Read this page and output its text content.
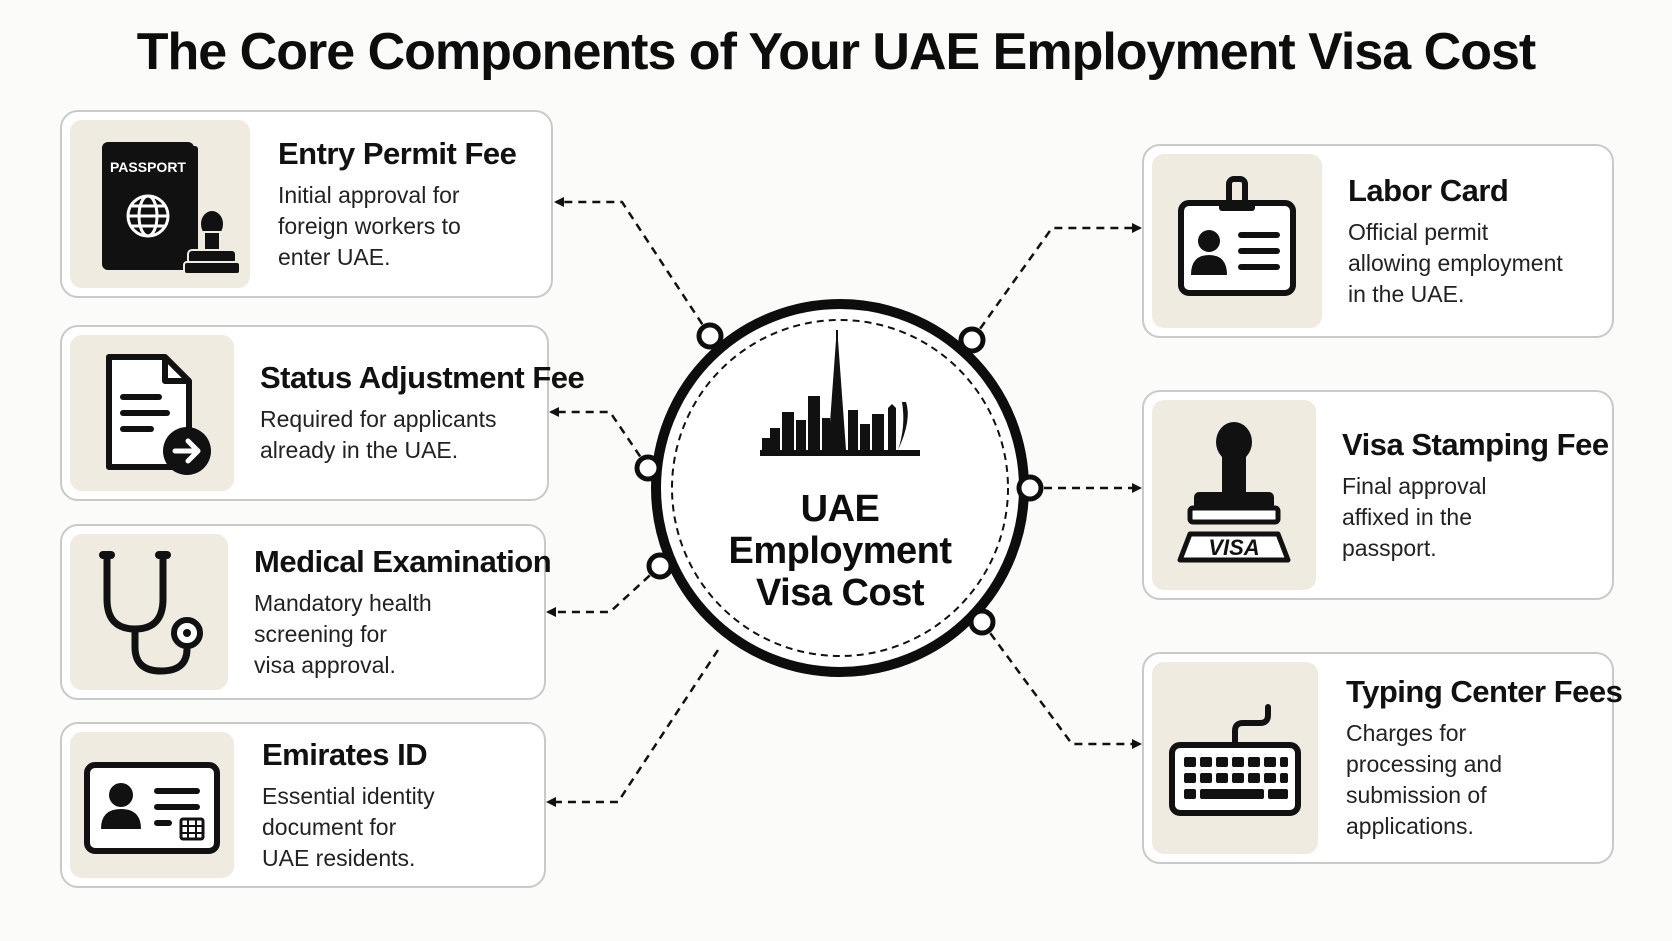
The Core Components of Your UAE Employment Visa Cost
UAE Employment Visa Cost
PASSPORT	Entry Permit Fee
Initial approval for
foreign workers to
enter UAE.
Status Adjustment Fee
Required for applicants
already in the UAE.
Medical Examination
Mandatory health
screening for
visa approval.
Emirates ID
Essential identity
document for
UAE residents.
Labor Card
Official permit
allowing employment
in the UAE.
VISA
Visa Stamping Fee
Final approval
affixed in the
passport.
Typing Center Fees
Charges for
processing and
submission of
applications.
